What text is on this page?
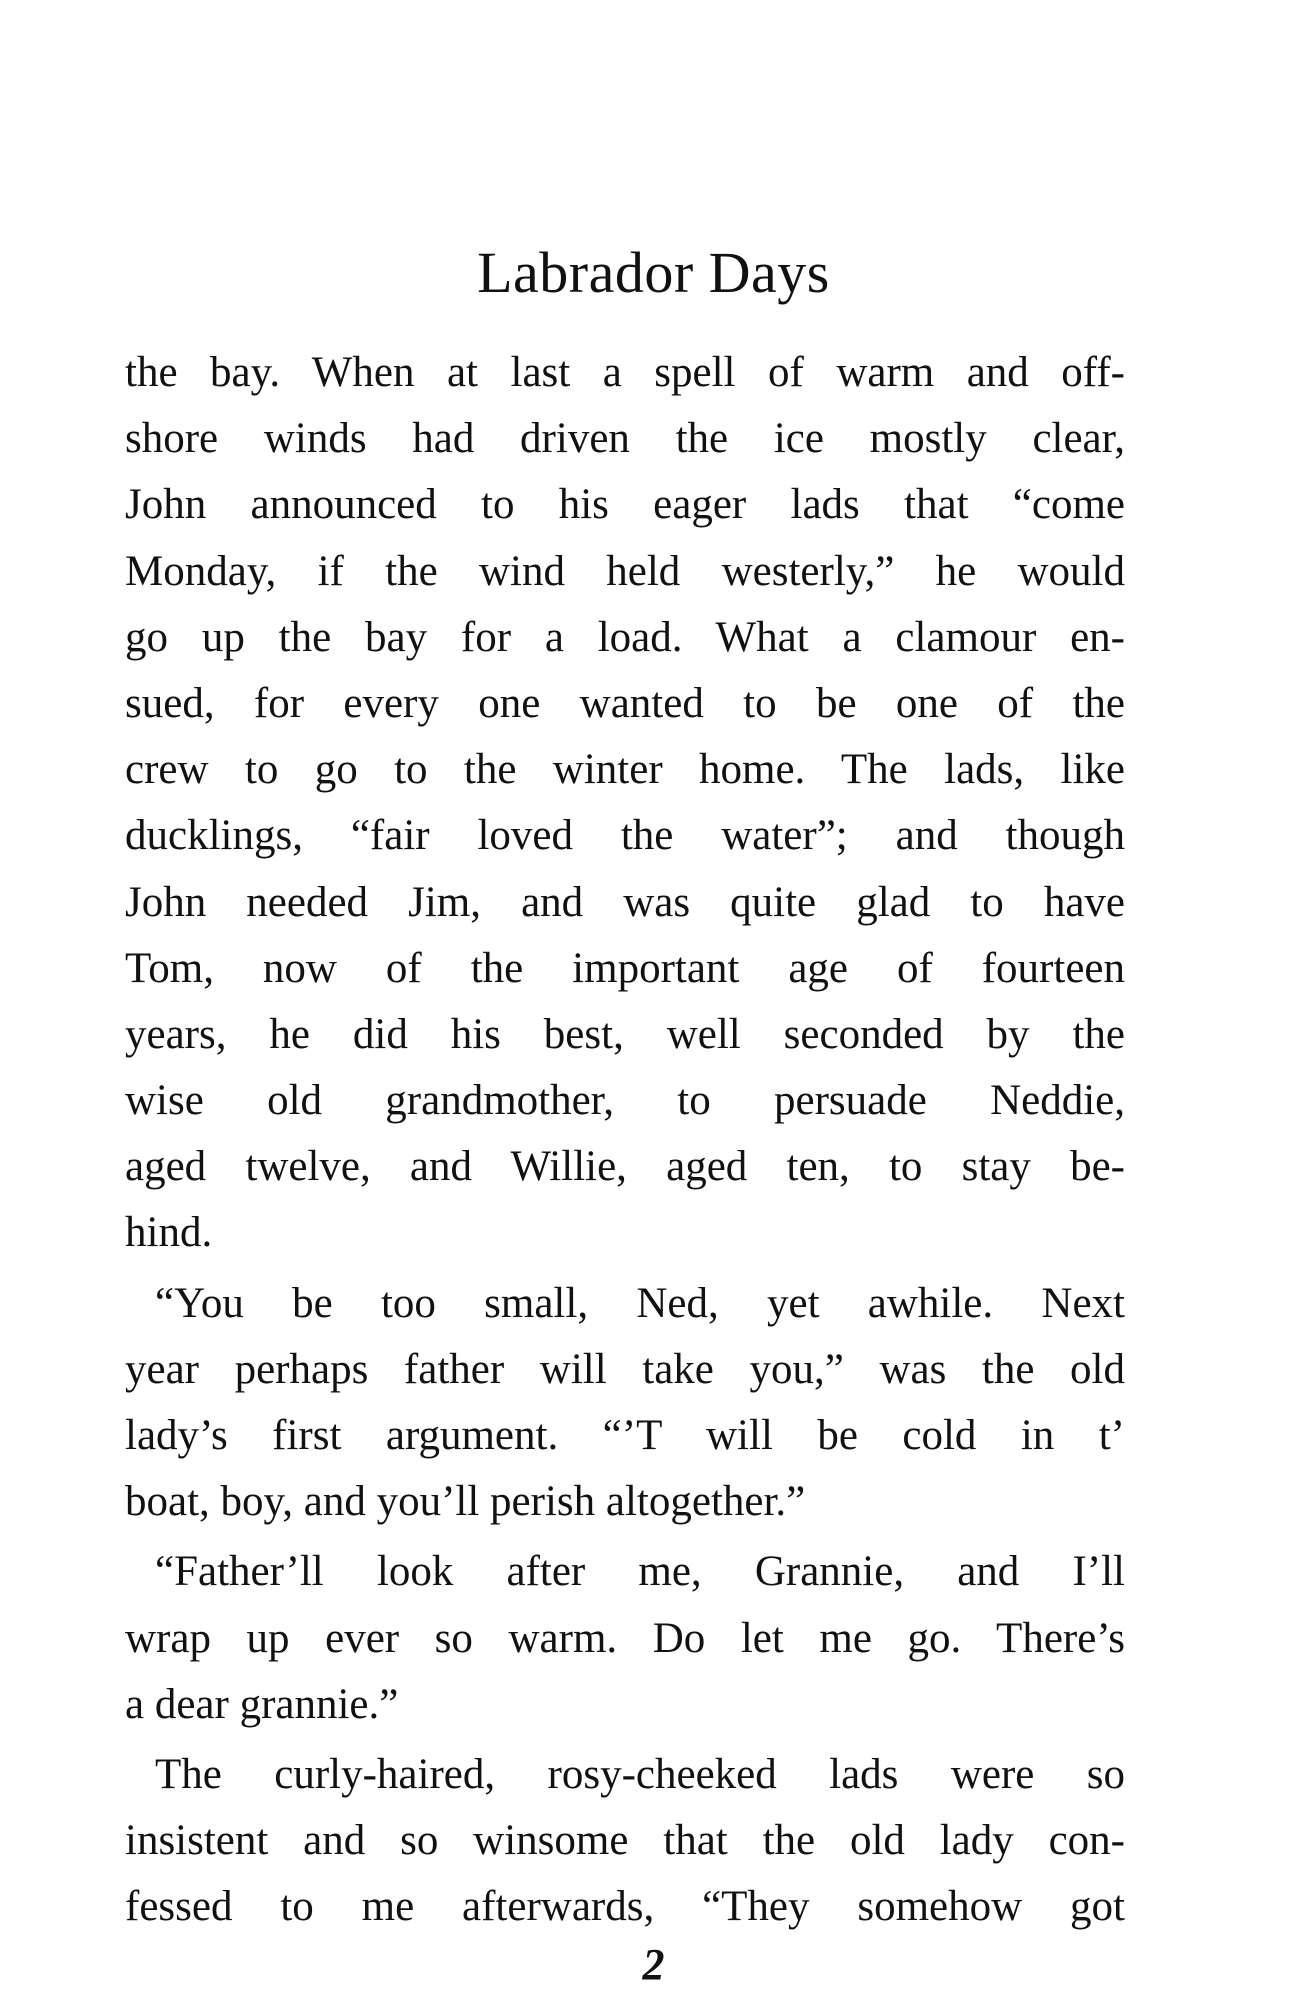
Labrador Days
the bay. When at last a spell of warm and off-
shore winds had driven the ice mostly clear,
John announced to his eager lads that “come
Monday, if the wind held westerly,” he would
go up the bay for a load. What a clamour en-
sued, for every one wanted to be one of the
crew to go to the winter home. The lads, like
ducklings, “fair loved the water”; and though
John needed Jim, and was quite glad to have
Tom, now of the important age of fourteen
years, he did his best, well seconded by the
wise old grandmother, to persuade Neddie,
aged twelve, and Willie, aged ten, to stay be-
hind.
“You be too small, Ned, yet awhile. Next
year perhaps father will take you,” was the old
lady’s first argument. “’T will be cold in t’
boat, boy, and you’ll perish altogether.”
“Father’ll look after me, Grannie, and I’ll
wrap up ever so warm. Do let me go. There’s
a dear grannie.”
The curly-haired, rosy-cheeked lads were so
insistent and so winsome that the old lady con-
fessed to me afterwards, “They somehow got
2
